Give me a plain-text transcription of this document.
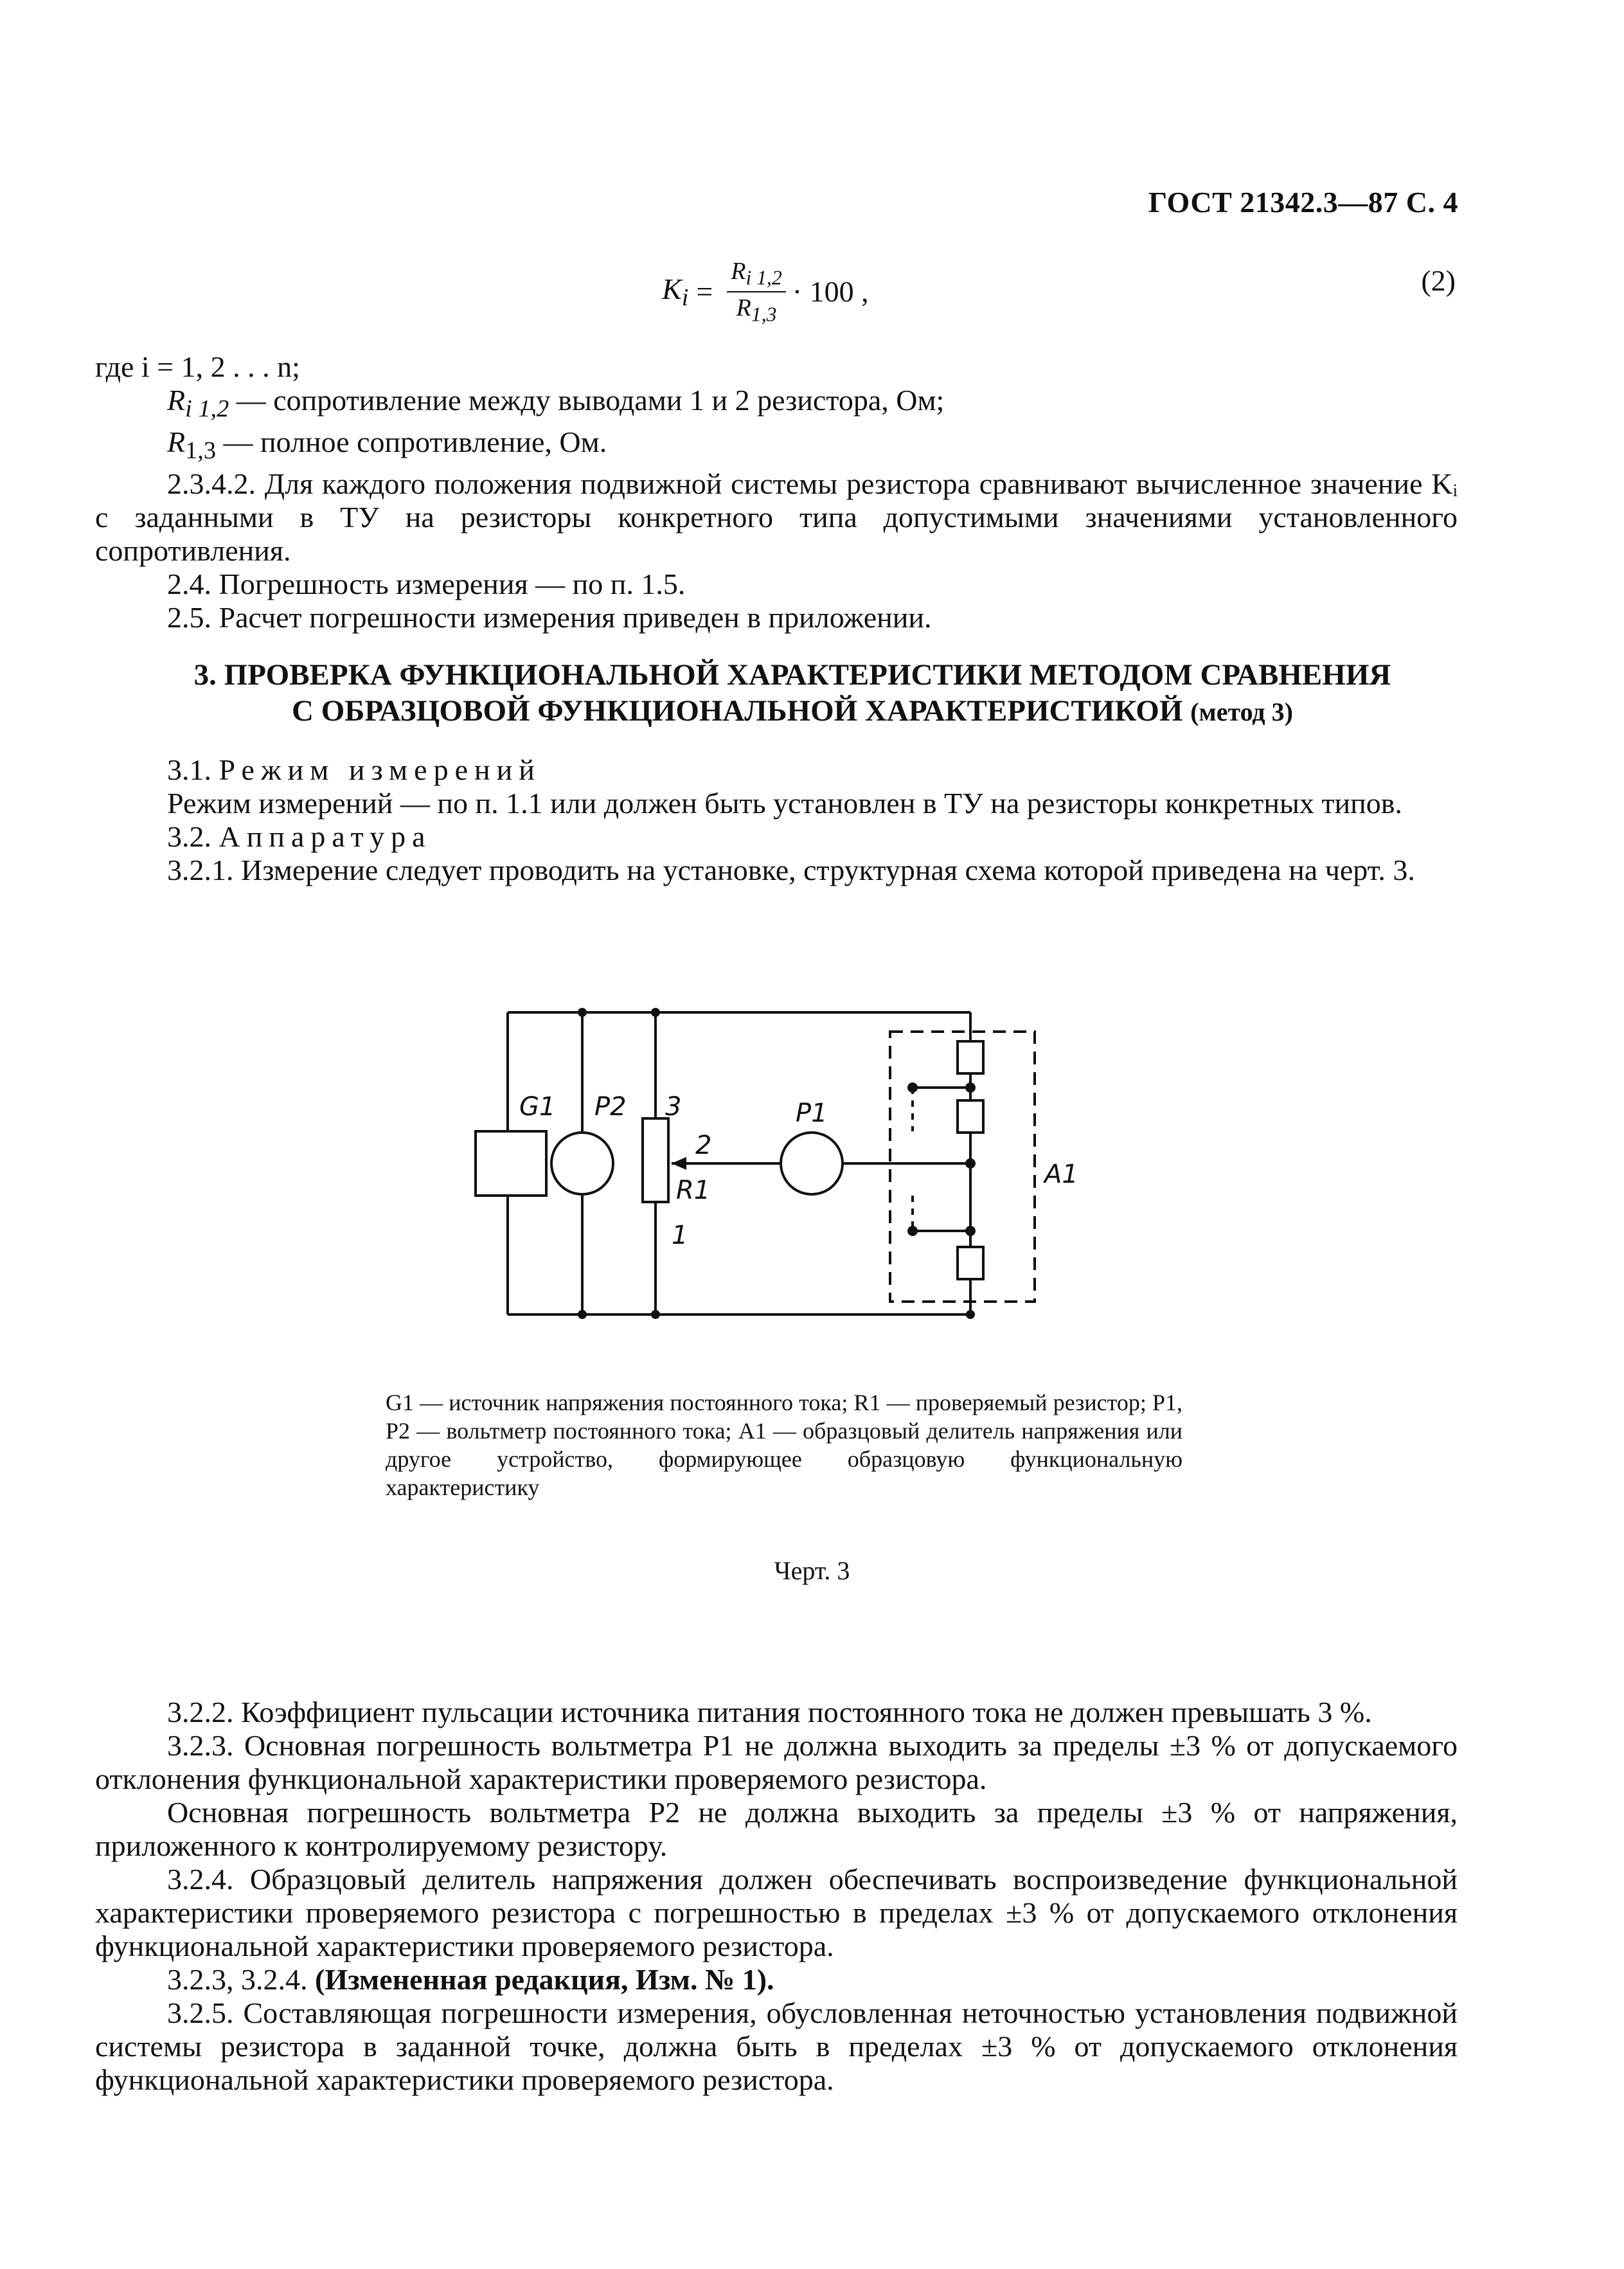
ГОСТ 21342.3—87 С. 4
$K_i = \frac{R_{i 1,2}}{R_{1,3}} \cdot 100$ ,	(2)

где i = 1, 2 . . . n;

$R_{i 1,2}$ — сопротивление между выводами 1 и 2 резистора, Ом;

$R_{1,3}$ — полное сопротивление, Ом.

2.3.4.2. Для каждого положения подвижной системы резистора сравнивают вычисленное значение Kᵢ с заданными в ТУ на резисторы конкретного типа допустимыми значениями установленного сопротивления.

2.4. Погрешность измерения — по п. 1.5.

2.5. Расчет погрешности измерения приведен в приложении.

3. ПРОВЕРКА ФУНКЦИОНАЛЬНОЙ ХАРАКТЕРИСТИКИ МЕТОДОМ СРАВНЕНИЯ
С ОБРАЗЦОВОЙ ФУНКЦИОНАЛЬНОЙ ХАРАКТЕРИСТИКОЙ (метод 3)

3.1. Режим измерений

Режим измерений — по п. 1.1 или должен быть установлен в ТУ на резисторы конкретных типов.

3.2. Аппаратура

3.2.1. Измерение следует проводить на установке, структурная схема которой приведена на черт. 3.

G1 P2 3	P1
2
R1
1
A1
G1 — источник напряжения постоянного тока; R1 — проверяемый резистор; P1, P2 — вольтметр постоянного тока; A1 — образцовый делитель напряжения или другое устройство, формирующее образцовую функциональную характеристику
Черт. 3

3.2.2. Коэффициент пульсации источника питания постоянного тока не должен превышать 3 %.

3.2.3. Основная погрешность вольтметра P1 не должна выходить за пределы ±3 % от допускаемого отклонения функциональной характеристики проверяемого резистора.

Основная погрешность вольтметра P2 не должна выходить за пределы ±3 % от напряжения, приложенного к контролируемому резистору.

3.2.4. Образцовый делитель напряжения должен обеспечивать воспроизведение функциональной характеристики проверяемого резистора с погрешностью в пределах ±3 % от допускаемого отклонения функциональной характеристики проверяемого резистора.

3.2.3, 3.2.4. (Измененная редакция, Изм. № 1).

3.2.5. Составляющая погрешности измерения, обусловленная неточностью установления подвижной системы резистора в заданной точке, должна быть в пределах ±3 % от допускаемого отклонения функциональной характеристики проверяемого резистора.
